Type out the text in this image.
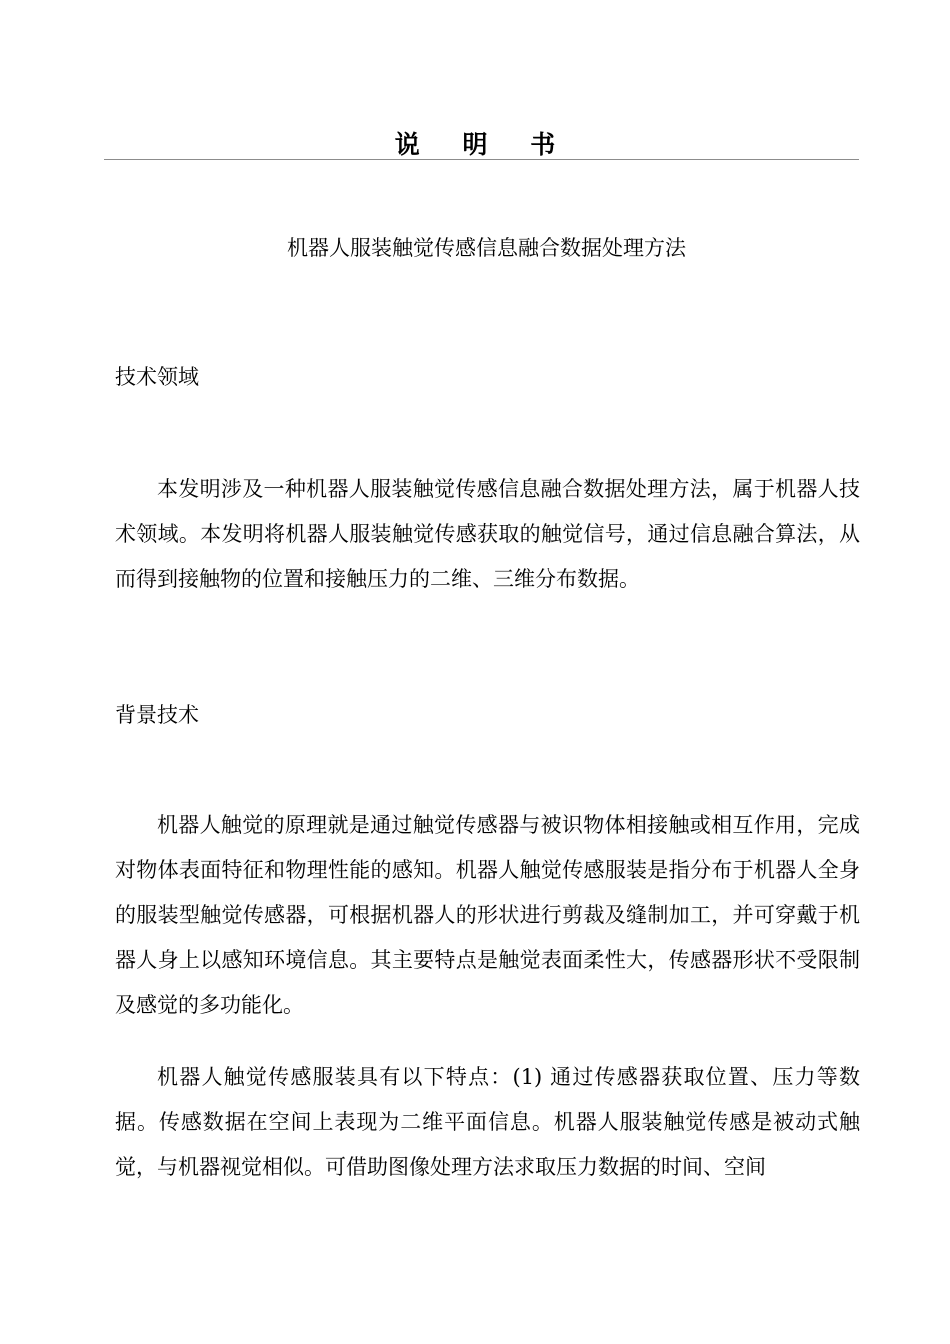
说 明 书
机器人服装触觉传感信息融合数据处理方法
技术领域

本发明涉及一种机器人服装触觉传感信息融合数据处理方法，属于机器人技术领域。本发明将机器人服装触觉传感获取的触觉信号，通过信息融合算法，从而得到接触物的位置和接触压力的二维、三维分布数据。

背景技术

机器人触觉的原理就是通过触觉传感器与被识物体相接触或相互作用，完成对物体表面特征和物理性能的感知。机器人触觉传感服装是指分布于机器人全身的服装型触觉传感器，可根据机器人的形状进行剪裁及缝制加工，并可穿戴于机器人身上以感知环境信息。其主要特点是触觉表面柔性大，传感器形状不受限制及感觉的多功能化。

机器人触觉传感服装具有以下特点：(1) 通过传感器获取位置、压力等数据。传感数据在空间上表现为二维平面信息。机器人服装触觉传感是被动式触觉，与机器视觉相似。可借助图像处理方法求取压力数据的时间、空间
